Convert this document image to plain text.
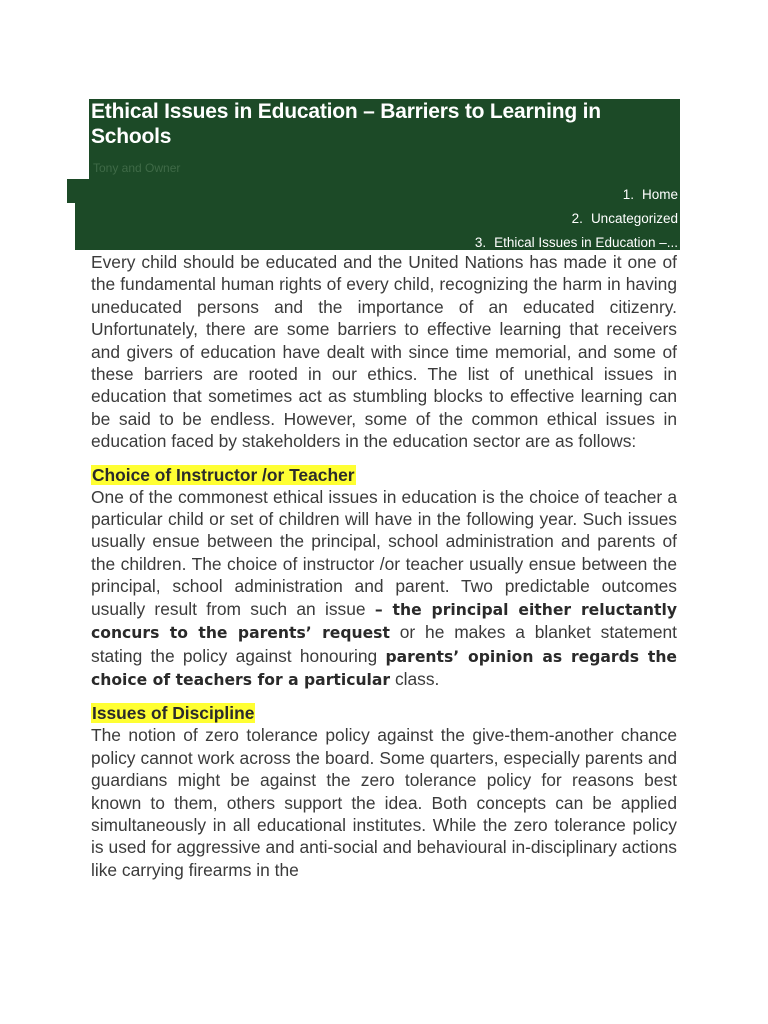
Ethical Issues in Education – Barriers to Learning in Schools
Tony and Owner
1. Home
2. Uncategorized
3. Ethical Issues in Education –...

Every child should be educated and the United Nations has made it one of the fundamental human rights of every child, recognizing the harm in having uneducated persons and the importance of an educated citizenry. Unfortunately, there are some barriers to effective learning that receivers and givers of education have dealt with since time memorial, and some of these barriers are rooted in our ethics. The list of unethical issues in education that sometimes act as stumbling blocks to effective learning can be said to be endless. However, some of the common ethical issues in education faced by stakeholders in the education sector are as follows:

Choice of Instructor /or Teacher

One of the commonest ethical issues in education is the choice of teacher a particular child or set of children will have in the following year. Such issues usually ensue between the principal, school administration and parents of the children. The choice of instructor /or teacher usually ensue between the principal, school administration and parent. Two predictable outcomes usually result from such an issue – the principal either reluctantly concurs to the parents’ request or he makes a blanket statement stating the policy against honouring parents’ opinion as regards the choice of teachers for a particular class.

Issues of Discipline

The notion of zero tolerance policy against the give-them-another chance policy cannot work across the board. Some quarters, especially parents and guardians might be against the zero tolerance policy for reasons best known to them, others support the idea. Both concepts can be applied simultaneously in all educational institutes. While the zero tolerance policy is used for aggressive and anti-social and behavioural in-disciplinary actions like carrying firearms in the
